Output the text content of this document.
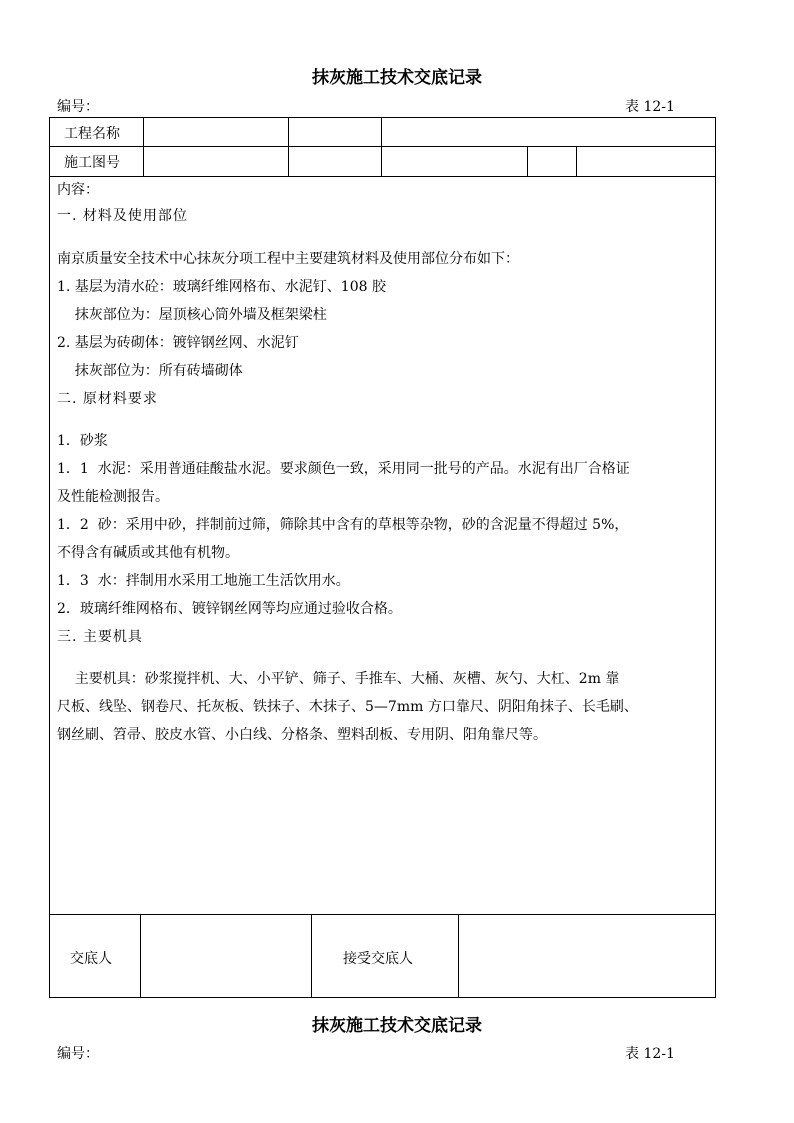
抹灰施工技术交底记录
编号：	表 12-1
工程名称
施工图号
内容：
一. 材料及使用部位
南京质量安全技术中心抹灰分项工程中主要建筑材料及使用部位分布如下：
1. 基层为清水砼：玻璃纤维网格布、水泥钉、108 胶
抹灰部位为：屋顶核心筒外墙及框架梁柱
2. 基层为砖砌体：镀锌钢丝网、水泥钉
抹灰部位为：所有砖墙砌体
二. 原材料要求
1．砂浆
1．1  水泥：采用普通硅酸盐水泥。要求颜色一致，采用同一批号的产品。水泥有出厂合格证
及性能检测报告。
1．2  砂：采用中砂，拌制前过筛，筛除其中含有的草根等杂物，砂的含泥量不得超过 5%，
不得含有碱质或其他有机物。
1．3  水：拌制用水采用工地施工生活饮用水。
2．玻璃纤维网格布、镀锌钢丝网等均应通过验收合格。
三. 主要机具
主要机具：砂浆搅拌机、大、小平铲、筛子、手推车、大桶、灰槽、灰勺、大杠、2m 靠
尺板、线坠、钢卷尺、托灰板、铁抹子、木抹子、5—7mm 方口靠尺、阴阳角抹子、长毛刷、
钢丝刷、笤帚、胶皮水管、小白线、分格条、塑料刮板、专用阴、阳角靠尺等。
交底人	接受交底人
抹灰施工技术交底记录
编号：	表 12-1
